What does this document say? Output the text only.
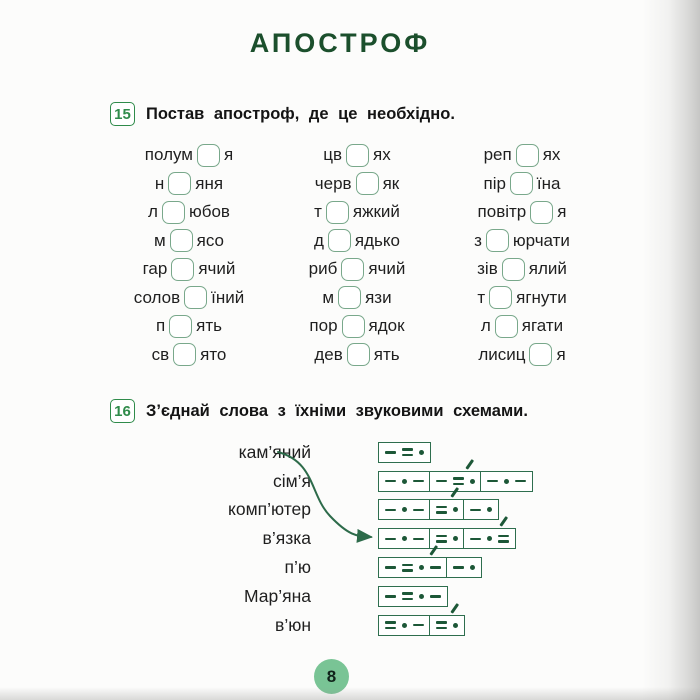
АПОСТРОФ
15 Постав апостроф, де це необхідно.
полум я
н яня
л юбов
м ясо
гар ячий
солов їний
п ять
св ято
цв ях
черв як
т яжкий
д ядько
риб ячий
м язи
пор ядок
дев ять
реп ях
пір їна
повітр я
з юрчати
зів ялий
т ягнути
л ягати
лисиц я
16 З’єднай слова з їхніми звуковими схемами.
кам’яний
сім’я
комп’ютер
в’язка
п’ю
Мар’яна
в’юн
8
